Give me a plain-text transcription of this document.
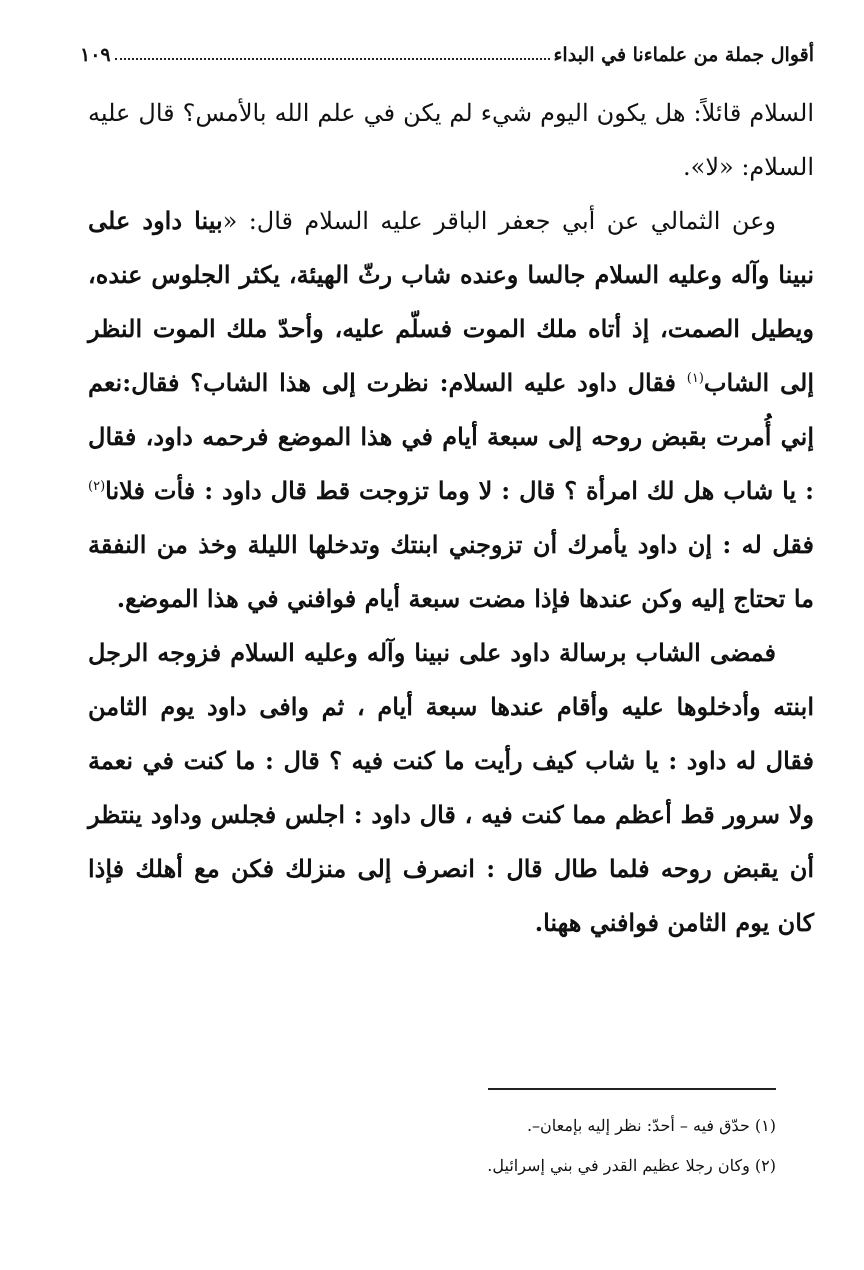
أقوال جملة من علماءنا في البداء
١٠٩

السلام قائلاً: هل يكون اليوم شيء لم يكن في علم الله بالأمس؟ قال عليه السلام: «لا».

وعن الثمالي عن أبي جعفر الباقر عليه السلام قال: «بينا داود على نبينا وآله وعليه السلام جالسا وعنده شاب رثّ الهيئة، يكثر الجلوس عنده، ويطيل الصمت، إذ أتاه ملك الموت فسلّم عليه، وأحدّ ملك الموت النظر إلى الشاب$^{(١)}$ فقال داود عليه السلام: نظرت إلى هذا الشاب؟ فقال:نعم إني أُمرت بقبض روحه إلى سبعة أيام في هذا الموضع فرحمه داود، فقال : يا شاب هل لك امرأة ؟ قال : لا وما تزوجت قط قال داود : فأت فلانا$^{(٢)}$ فقل له : إن داود يأمرك أن تزوجني ابنتك وتدخلها الليلة وخذ من النفقة ما تحتاج إليه وكن عندها فإذا مضت سبعة أيام فوافني في هذا الموضع.

فمضى الشاب برسالة داود على نبينا وآله وعليه السلام فزوجه الرجل ابنته وأدخلوها عليه وأقام عندها سبعة أيام ، ثم وافى داود يوم الثامن فقال له داود : يا شاب كيف رأيت ما كنت فيه ؟ قال : ما كنت في نعمة ولا سرور قط أعظم مما كنت فيه ، قال داود : اجلس فجلس وداود ينتظر أن يقبض روحه فلما طال قال : انصرف إلى منزلك فكن مع أهلك فإذا كان يوم الثامن فوافني ههنا.

(١) حدّق فيه – أحدّ: نظر إليه بإمعان–.

(٢) وكان رجلا عظيم القدر في بني إسرائيل.
